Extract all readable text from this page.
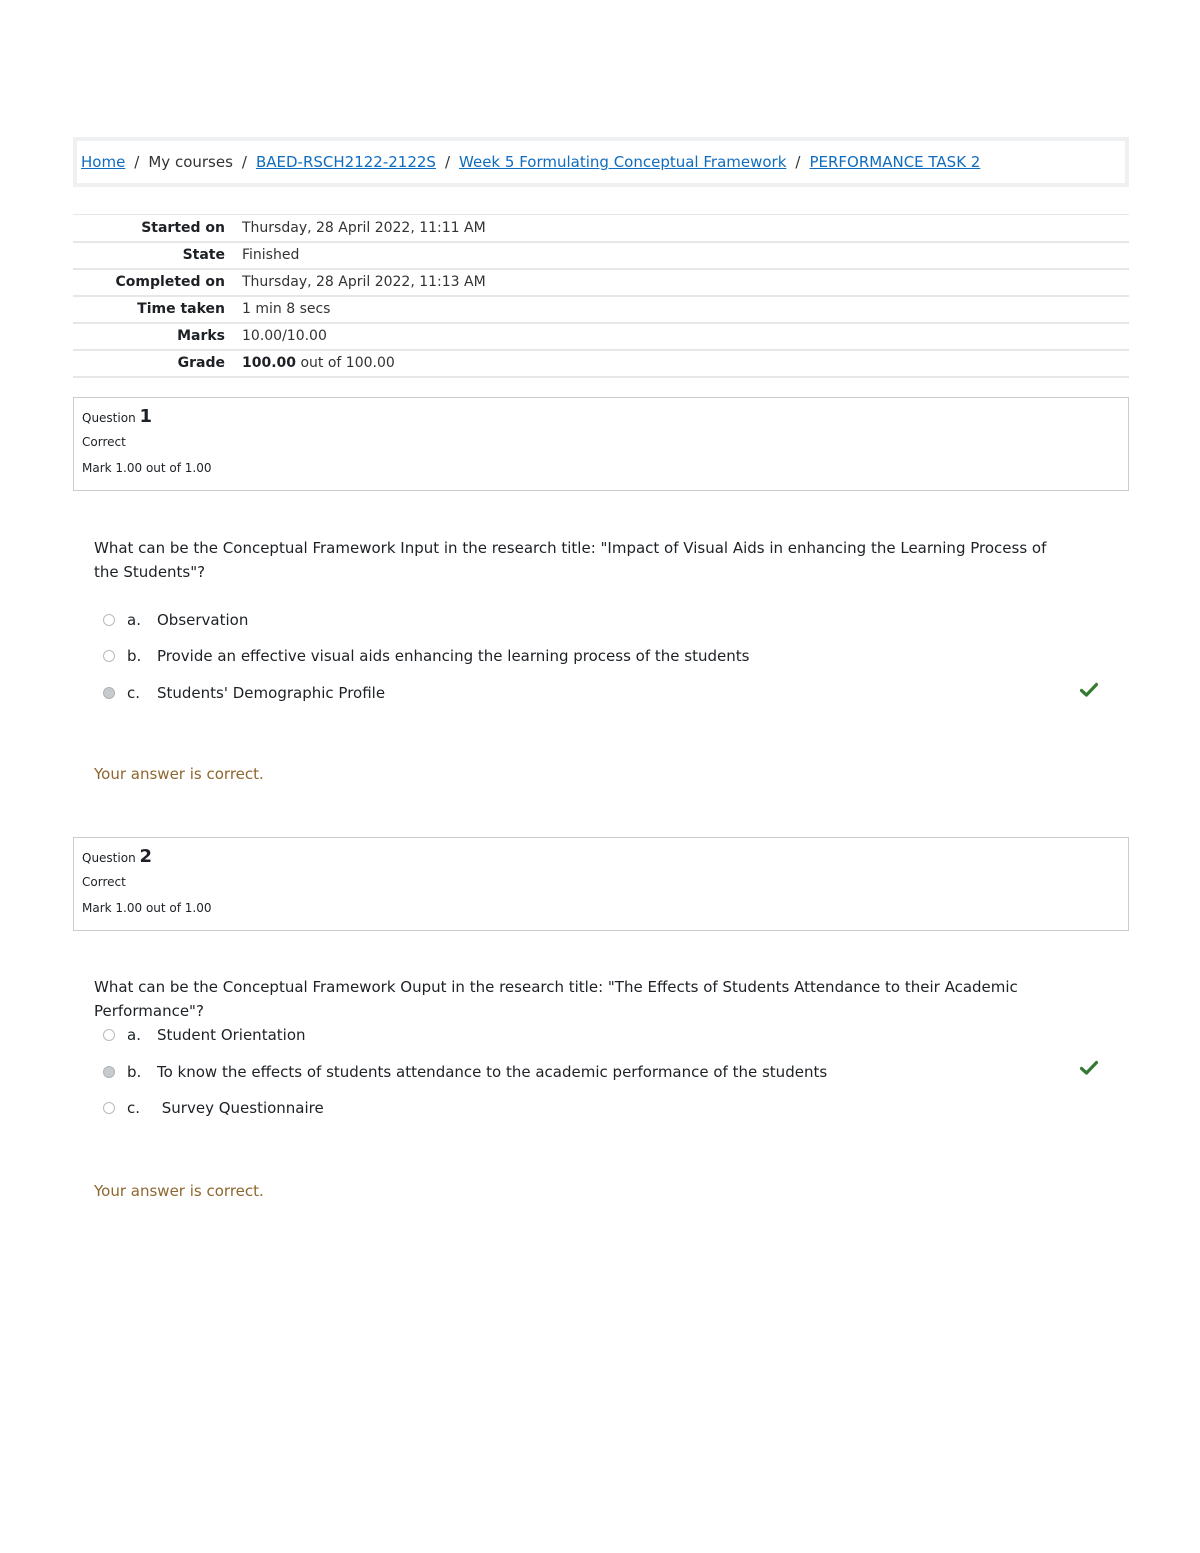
Home / My courses / BAED-RSCH2122-2122S / Week 5 Formulating Conceptual Framework / PERFORMANCE TASK 2
Started on	Thursday, 28 April 2022, 11:11 AM
State	Finished
Completed on	Thursday, 28 April 2022, 11:13 AM
Time taken	1 min 8 secs
Marks	10.00/10.00
Grade	100.00 out of 100.00
Question 1
Correct
Mark 1.00 out of 1.00
What can be the Conceptual Framework Input in the research title: "Impact of Visual Aids in enhancing the Learning Process of the Students"?
a.	Observation
b.	Provide an effective visual aids enhancing the learning process of the students
c.	Students' Demographic Profile
Your answer is correct.
Question 2
Correct
Mark 1.00 out of 1.00
What can be the Conceptual Framework Ouput in the research title: "The Effects of Students Attendance to their Academic Performance"?
a.	Student Orientation
b.	To know the effects of students attendance to the academic performance of the students
c.	Survey Questionnaire
Your answer is correct.
